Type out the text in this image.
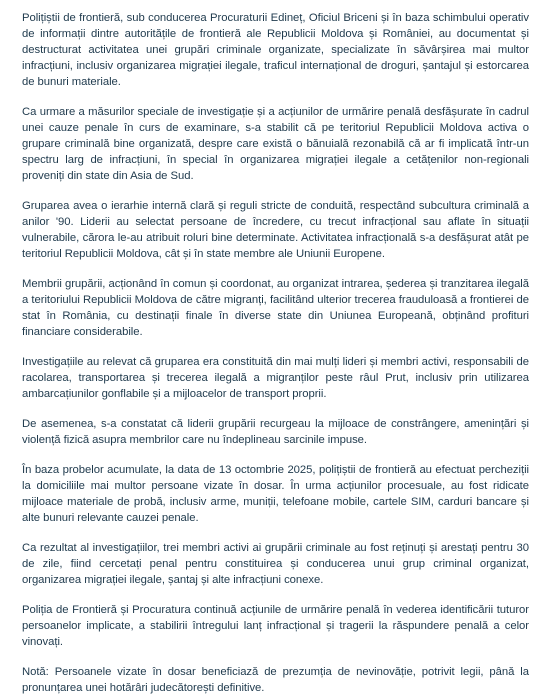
Polițiștii de frontieră, sub conducerea Procuraturii Edineț, Oficiul Briceni și în baza schimbului operativ de informații dintre autoritățile de frontieră ale Republicii Moldova și României, au documentat și destructurat activitatea unei grupări criminale organizate, specializate în săvârșirea mai multor infracțiuni, inclusiv organizarea migrației ilegale, traficul internațional de droguri, șantajul și estorcarea de bunuri materiale.

Ca urmare a măsurilor speciale de investigație și a acțiunilor de urmărire penală desfășurate în cadrul unei cauze penale în curs de examinare, s-a stabilit că pe teritoriul Republicii Moldova activa o grupare criminală bine organizată, despre care există o bănuială rezonabilă că ar fi implicată într-un spectru larg de infracțiuni, în special în organizarea migrației ilegale a cetățenilor non-regionali proveniți din state din Asia de Sud.

Gruparea avea o ierarhie internă clară și reguli stricte de conduită, respectând subcultura criminală a anilor '90. Liderii au selectat persoane de încredere, cu trecut infracțional sau aflate în situații vulnerabile, cărora le-au atribuit roluri bine determinate. Activitatea infracțională s-a desfășurat atât pe teritoriul Republicii Moldova, cât și în state membre ale Uniunii Europene.

Membrii grupării, acționând în comun și coordonat, au organizat intrarea, șederea și tranzitarea ilegală a teritoriului Republicii Moldova de către migranți, facilitând ulterior trecerea frauduloasă a frontierei de stat în România, cu destinații finale în diverse state din Uniunea Europeană, obținând profituri financiare considerabile.

Investigațiile au relevat că gruparea era constituită din mai mulți lideri și membri activi, responsabili de racolarea, transportarea și trecerea ilegală a migranților peste râul Prut, inclusiv prin utilizarea ambarcațiunilor gonflabile și a mijloacelor de transport proprii.

De asemenea, s-a constatat că liderii grupării recurgeau la mijloace de constrângere, amenințări și violență fizică asupra membrilor care nu îndeplineau sarcinile impuse.

În baza probelor acumulate, la data de 13 octombrie 2025, polițiștii de frontieră au efectuat percheziții la domiciliile mai multor persoane vizate în dosar. În urma acțiunilor procesuale, au fost ridicate mijloace materiale de probă, inclusiv arme, muniții, telefoane mobile, cartele SIM, carduri bancare și alte bunuri relevante cauzei penale.

Ca rezultat al investigațiilor, trei membri activi ai grupării criminale au fost reținuți și arestați pentru 30 de zile, fiind cercetați penal pentru constituirea și conducerea unui grup criminal organizat, organizarea migrației ilegale, șantaj și alte infracțiuni conexe.

Poliția de Frontieră și Procuratura continuă acțiunile de urmărire penală în vederea identificării tuturor persoanelor implicate, a stabilirii întregului lanț infracțional și tragerii la răspundere penală a celor vinovați.

Notă: Persoanele vizate în dosar beneficiază de prezumția de nevinovăție, potrivit legii, până la pronunțarea unei hotărâri judecătorești definitive.
